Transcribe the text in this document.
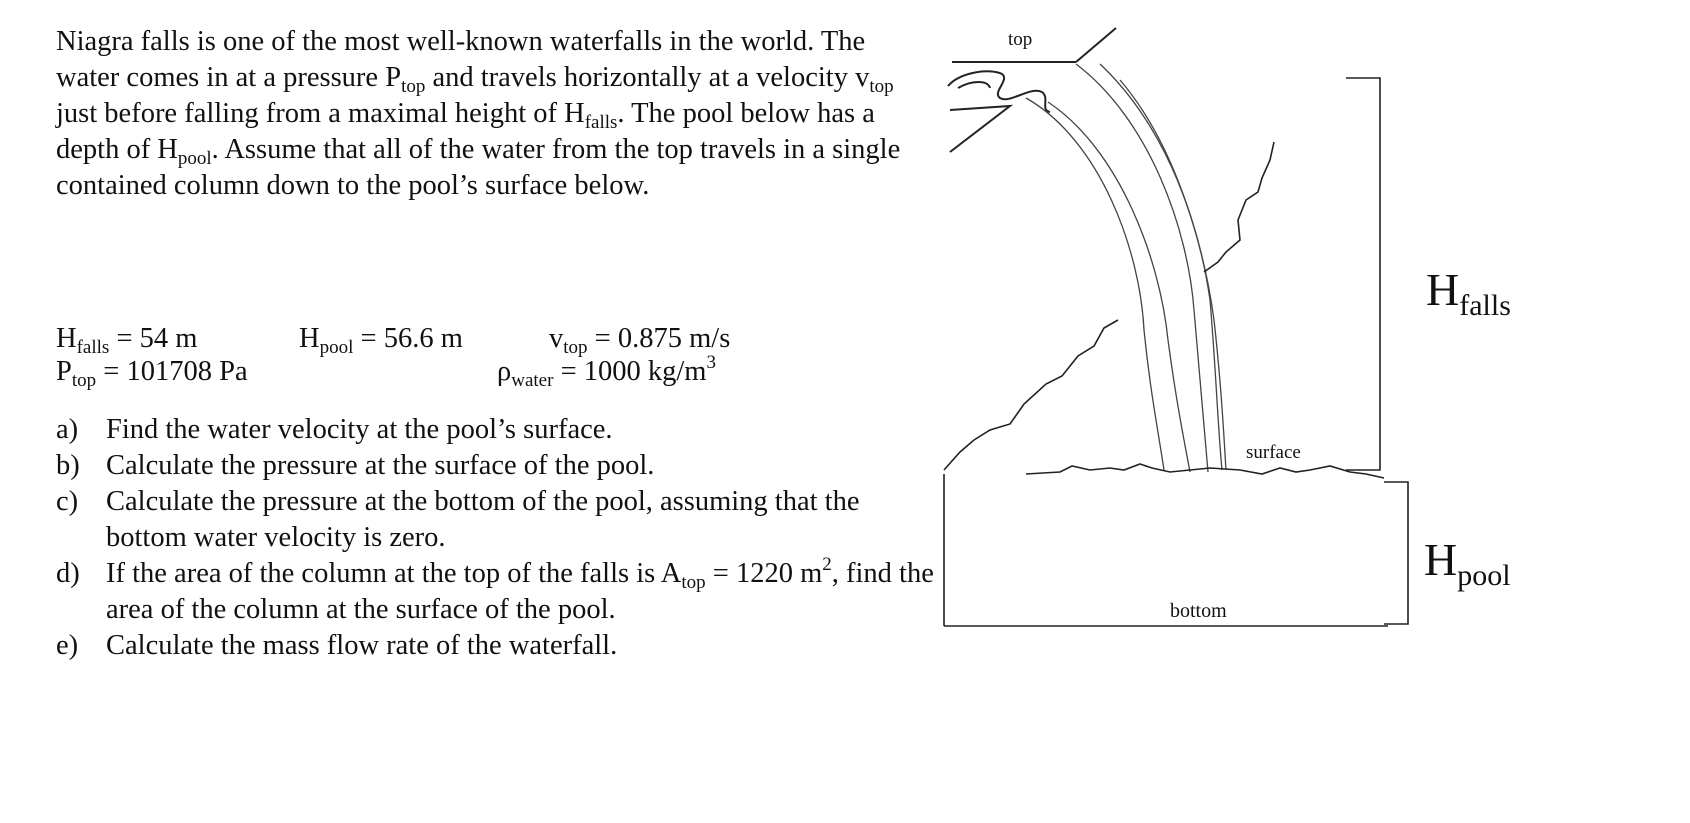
Niagra falls is one of the most well-known waterfalls in the world. The water comes in at a pressure $P_{top}$ and travels horizontally at a velocity $v_{top}$ just before falling from a maximal height of $H_{falls}$. The pool below has a depth of $H_{pool}$. Assume that all of the water from the top travels in a single contained column down to the pool’s surface below.

$H_{falls} = 54$ m	$H_{pool} = 56.6$ m	$v_{top} = 0.875$ m/s
$P_{top} = 101708$ Pa	$\rho_{water} = 1000$ $kg/m^3$
a) Find the water velocity at the pool’s surface.
b) Calculate the pressure at the surface of the pool.
c) Calculate the pressure at the bottom of the pool, assuming that the bottom water velocity is zero.
d) If the area of the column at the top of the falls is $A_{top} = 1220$ $m^2$, find the area of the column at the surface of the pool.
e) Calculate the mass flow rate of the waterfall.
top
surface
bottom
$H_{falls}$
$H_{pool}$
